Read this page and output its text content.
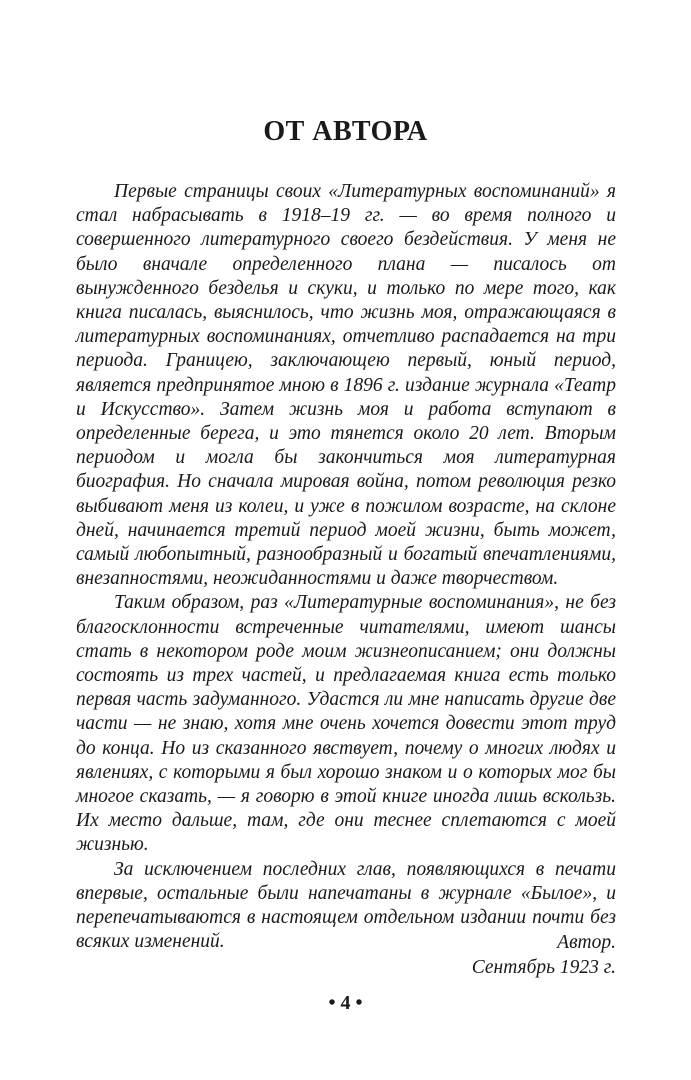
ОТ АВТОРА

Первые страницы своих «Литературных воспоминаний» я стал набрасывать в 1918–19 гг. — во время полного и совершенного литературного своего бездействия. У меня не было вначале определенного плана — писалось от вынужденного безделья и скуки, и только по мере того, как книга писалась, выяснилось, что жизнь моя, отражающаяся в литературных воспоминаниях, отчетливо распадается на три периода. Границею, заключающею первый, юный период, является предпринятое мною в 1896 г. издание журнала «Театр и Искусство». Затем жизнь моя и работа вступают в определенные берега, и это тянется около 20 лет. Вторым периодом и могла бы закончиться моя литературная биография. Но сначала мировая война, потом революция резко выбивают меня из колеи, и уже в пожилом возрасте, на склоне дней, начинается третий период моей жизни, быть может, самый любопытный, разнообразный и богатый впечатлениями, внезапностями, неожиданностями и даже творчеством.

Таким образом, раз «Литературные воспоминания», не без благосклонности встреченные читателями, имеют шансы стать в некотором роде моим жизнеописанием; они должны состоять из трех частей, и предлагаемая книга есть только первая часть задуманного. Удастся ли мне написать другие две части — не знаю, хотя мне очень хочется довести этот труд до конца. Но из сказанного явствует, почему о многих людях и явлениях, с которыми я был хорошо знаком и о которых мог бы многое сказать, — я говорю в этой книге иногда лишь вскользь. Их место дальше, там, где они теснее сплетаются с моей жизнью.

За исключением последних глав, появляющихся в печати впервые, остальные были напечатаны в журнале «Былое», и перепечатываются в настоящем отдельном издании почти без всяких изменений.	Автор.
Сентябрь 1923 г.
• 4 •
